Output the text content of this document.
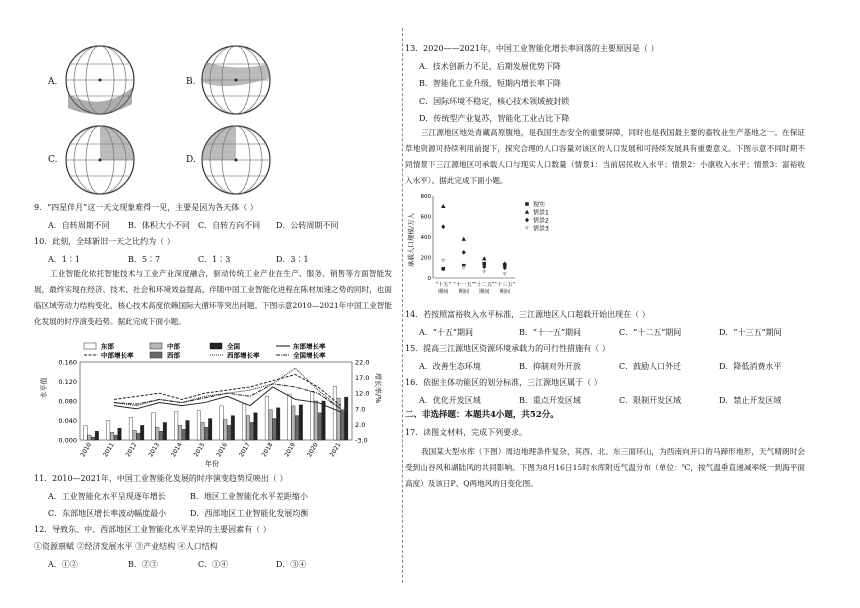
A.	B.
C.	D.
9．“四星伴月”这一天文现象难得一见，主要是因为各天体（ ）
A．自转周期不同 B．体积大小不同 C．自转方向不同 D．公转周期不同
10．此刻，全球新旧一天之比约为（ ）
A．1∶1	B．5∶7	C．1∶3	D．3∶1
工业智能化依托智能技术与工业产业深度融合，驱动传统工业产业在生产、服务、销售等方面智能发展，最终实现在经济、技术、社会和环境效益提高。伴随中国工业智能化进程在陈材加速之势的同时，也面临区域劳动力结构变化，核心技术高度依赖国际大循环等突出问题。下图示意2010—2021年中国工业智能化发展的时序演变趋势。据此完成下面小题。
水平值	增长率/%
年份
0.160
0.120
0.080
0.040
0.000
22.0
17.0
12.0
7.0
2.0
-3.0
东部	中部	全国	东部增长率
中部增长率	西部	西部增长率	全国增长率
2010 2011 2012 2013 2014 2015 2016 2017 2018 2019 2020 2021
11．2010—2021年，中国工业智能化发展的时序演变趋势反映出（ ）
A．工业智能化水平呈现逐年增长	B．地区工业智能化水平差距缩小
C．东部地区增长率波动幅度最小	D．西部地区工业智能化发展均衡
12．导致东、中、西部地区工业智能化水平差异的主要因素有（ ）
①资源禀赋 ②经济发展水平 ③产业结构 ④人口结构
A．①②	B．②③	C．①④	D．③④
13．2020——2021年，中国工业智能化增长率回落的主要原因是（ ）
A．技术创新力不足，后期发展优势下降
B．智能化工业升级，短期内增长率下降
C．国际环境不稳定，核心技术领域被封锁
D．传统型产业复苏，智能化工业占比下降
三江源地区地处青藏高原腹地，是我国生态安全的重要屏障，同时也是我国最主要的畜牧业生产基地之一。在保证草地资源可持续利用前提下，探究合理的人口容量对该区的人口发展和可持续发展具有重要意义。下图示意不同时期不同情景下三江源地区可承载人口与现实人口数量（情景1：当前居民收入水平；情景2：小康收入水平；情景3：富裕收入水平）。据此完成下面小题。
承载人口规模/万人
800
600
400
200
0
“十五”
期间
“十一五”
期间
“十二五”
期间
“十三五”
期间
现实
情景1
情景2
情景3
14．若按照富裕收入水平标准，三江源地区人口超载开始出现在（ ）
A．“十五”期间	B．“十一五”期间	C．“十二五”期间	D．“十三五”期间
15．提高三江源地区资源环境承载力的可行性措施有（ ）
A．改善生态环境	B．抑制对外开放	C．鼓励人口外迁	D．降低消费水平
16．依据主体功能区的划分标准，三江源地区属于（ ）
A．优化开发区域	B．重点开发区域	C．限制开发区域	D．禁止开发区域
二、非选择题：本题共4小题，共52分。
17．读图文材料，完成下列要求。
我国某大型水库（下图）周边地理条件复杂，其西、北、东三面环山，为西南向开口的马蹄形地形，天气晴朗时会受到山谷风和湖陆风的共同影响。下图为8月16日15时水库附近气温分布（单位：℃，按气温垂直递减率统一到海平面高度）及该日P、Q两地风的日变化图。
